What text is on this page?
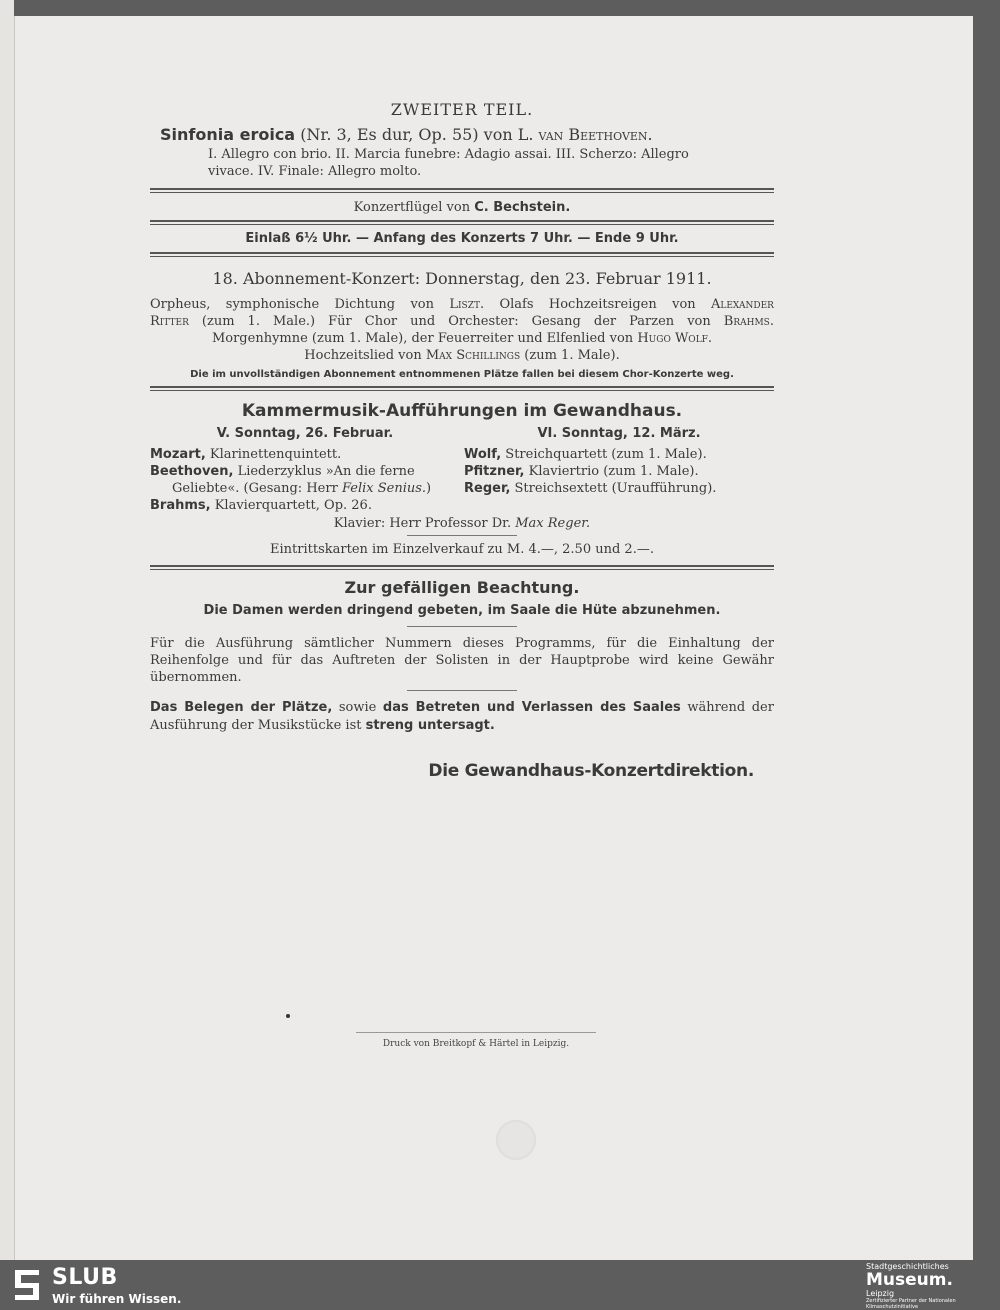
ZWEITER TEIL.
Sinfonia eroica (Nr. 3, Es dur, Op. 55) von L. van Beethoven.
I. Allegro con brio. II. Marcia funebre: Adagio assai. III. Scherzo: Allegro
vivace. IV. Finale: Allegro molto.
Konzertflügel von C. Bechstein.
Einlaß 6½ Uhr. — Anfang des Konzerts 7 Uhr. — Ende 9 Uhr.
18. Abonnement-Konzert: Donnerstag, den 23. Februar 1911.
Orpheus, symphonische Dichtung von Liszt. Olafs Hochzeitsreigen von Alexander
Ritter (zum 1. Male.) Für Chor und Orchester: Gesang der Parzen von Brahms.
Morgenhymne (zum 1. Male), der Feuerreiter und Elfenlied von Hugo Wolf.
Hochzeitslied von Max Schillings (zum 1. Male).
Die im unvollständigen Abonnement entnommenen Plätze fallen bei diesem Chor-Konzerte weg.
Kammermusik-Aufführungen im Gewandhaus.
V. Sonntag, 26. Februar.
Mozart, Klarinettenquintett.
Beethoven, Liederzyklus »An die ferne
Geliebte«. (Gesang: Herr Felix Senius.)
Brahms, Klavierquartett, Op. 26.
VI. Sonntag, 12. März.
Wolf, Streichquartett (zum 1. Male).
Pfitzner, Klaviertrio (zum 1. Male).
Reger, Streichsextett (Uraufführung).
Klavier: Herr Professor Dr. Max Reger.
Eintrittskarten im Einzelverkauf zu M. 4.—, 2.50 und 2.—.
Zur gefälligen Beachtung.
Die Damen werden dringend gebeten, im Saale die Hüte abzunehmen.
Für die Ausführung sämtlicher Nummern dieses Programms, für die Einhaltung der Reihenfolge und für das Auftreten der Solisten in der Hauptprobe wird keine Gewähr übernommen.
Das Belegen der Plätze, sowie das Betreten und Verlassen des Saales während der Ausführung der Musikstücke ist streng untersagt.
Die Gewandhaus-Konzertdirektion.
Druck von Breitkopf & Härtel in Leipzig.
SLUB
Wir führen Wissen.
Stadtgeschichtliches
Museum.
Leipzig
Zertifizierter Partner der Nationalen Klimaschutzinitiative
